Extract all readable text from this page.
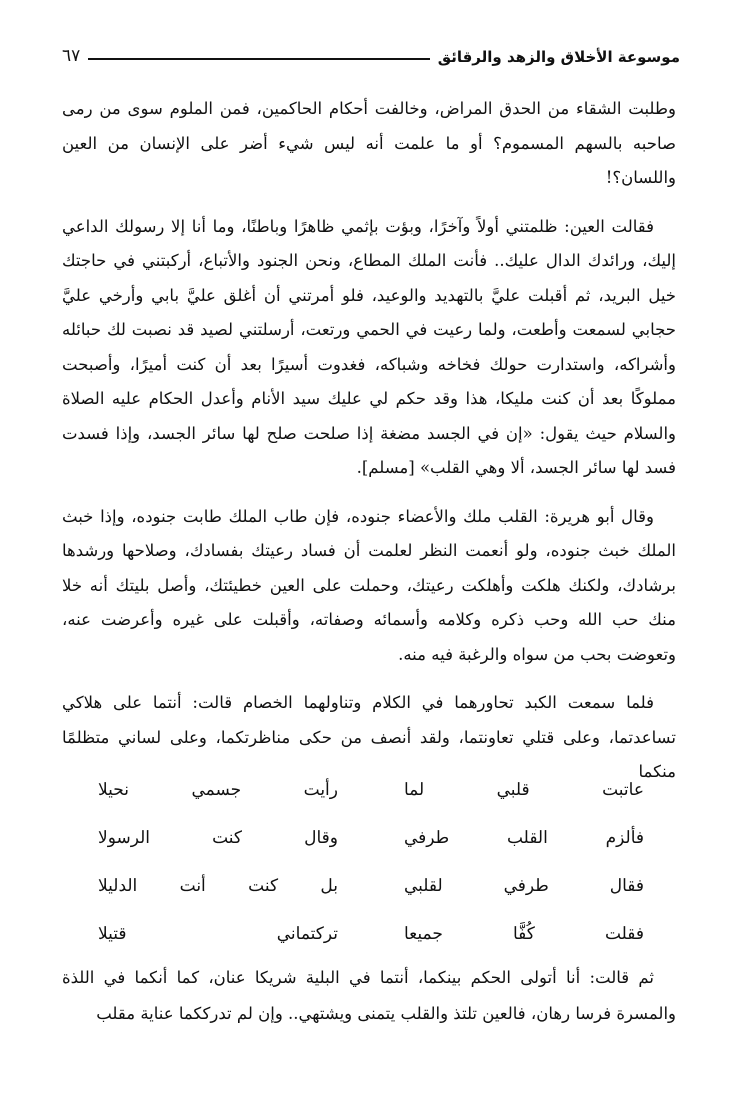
موسوعة الأخلاق والزهد والرقائق
٦٧

وطلبت الشقاء من الحدق المراض، وخالفت أحكام الحاكمين، فمن الملوم سوى من رمى صاحبه بالسهم المسموم؟ أو ما علمت أنه ليس شيء أضر على الإنسان من العين واللسان؟!

فقالت العين: ظلمتني أولاً وآخرًا، وبؤت بإثمي ظاهرًا وباطنًا، وما أنا إلا رسولك الداعي إليك، ورائدك الدال عليك.. فأنت الملك المطاع، ونحن الجنود والأتباع، أركبتني في حاجتك خيل البريد، ثم أقبلت عليَّ بالتهديد والوعيد، فلو أمرتني أن أغلق عليَّ بابي وأرخي عليَّ حجابي لسمعت وأطعت، ولما رعيت في الحمي ورتعت، أرسلتني لصيد قد نصبت لك حبائله وأشراكه، واستدارت حولك فخاخه وشباكه، فغدوت أسيرًا بعد أن كنت أميرًا، وأصبحت مملوكًا بعد أن كنت مليكا، هذا وقد حكم لي عليك سيد الأنام وأعدل الحكام عليه الصلاة والسلام حيث يقول: «إن في الجسد مضغة إذا صلحت صلح لها سائر الجسد، وإذا فسدت فسد لها سائر الجسد، ألا وهي القلب» [مسلم].

وقال أبو هريرة: القلب ملك والأعضاء جنوده، فإن طاب الملك طابت جنوده، وإذا خبث الملك خبث جنوده، ولو أنعمت النظر لعلمت أن فساد رعيتك بفسادك، وصلاحها ورشدها برشادك، ولكنك هلكت وأهلكت رعيتك، وحملت على العين خطيئتك، وأصل بليتك أنه خلا منك حب الله وحب ذكره وكلامه وأسمائه وصفاته، وأقبلت على غيره وأعرضت عنه، وتعوضت بحب من سواه والرغبة فيه منه.

فلما سمعت الكبد تحاورهما في الكلام وتناولهما الخصام قالت: أنتما على هلاكي تساعدتما، وعلى قتلي تعاونتما، ولقد أنصف من حكى مناظرتكما، وعلى لساني متظلمًا منكما

عاتبت قلبي لما
رأيت جسمي نحيلا
فألزم القلب طرفي
وقال كنت الرسولا
فقال طرفي لقلبي
بل كنت أنت الدليلا
فقلت كُفَّا جميعا
تركتماني قتيلا

ثم قالت: أنا أتولى الحكم بينكما، أنتما في البلية شريكا عنان، كما أنكما في اللذة والمسرة فرسا رهان، فالعين تلتذ والقلب يتمنى ويشتهي.. وإن لم تدرككما عناية مقلب
